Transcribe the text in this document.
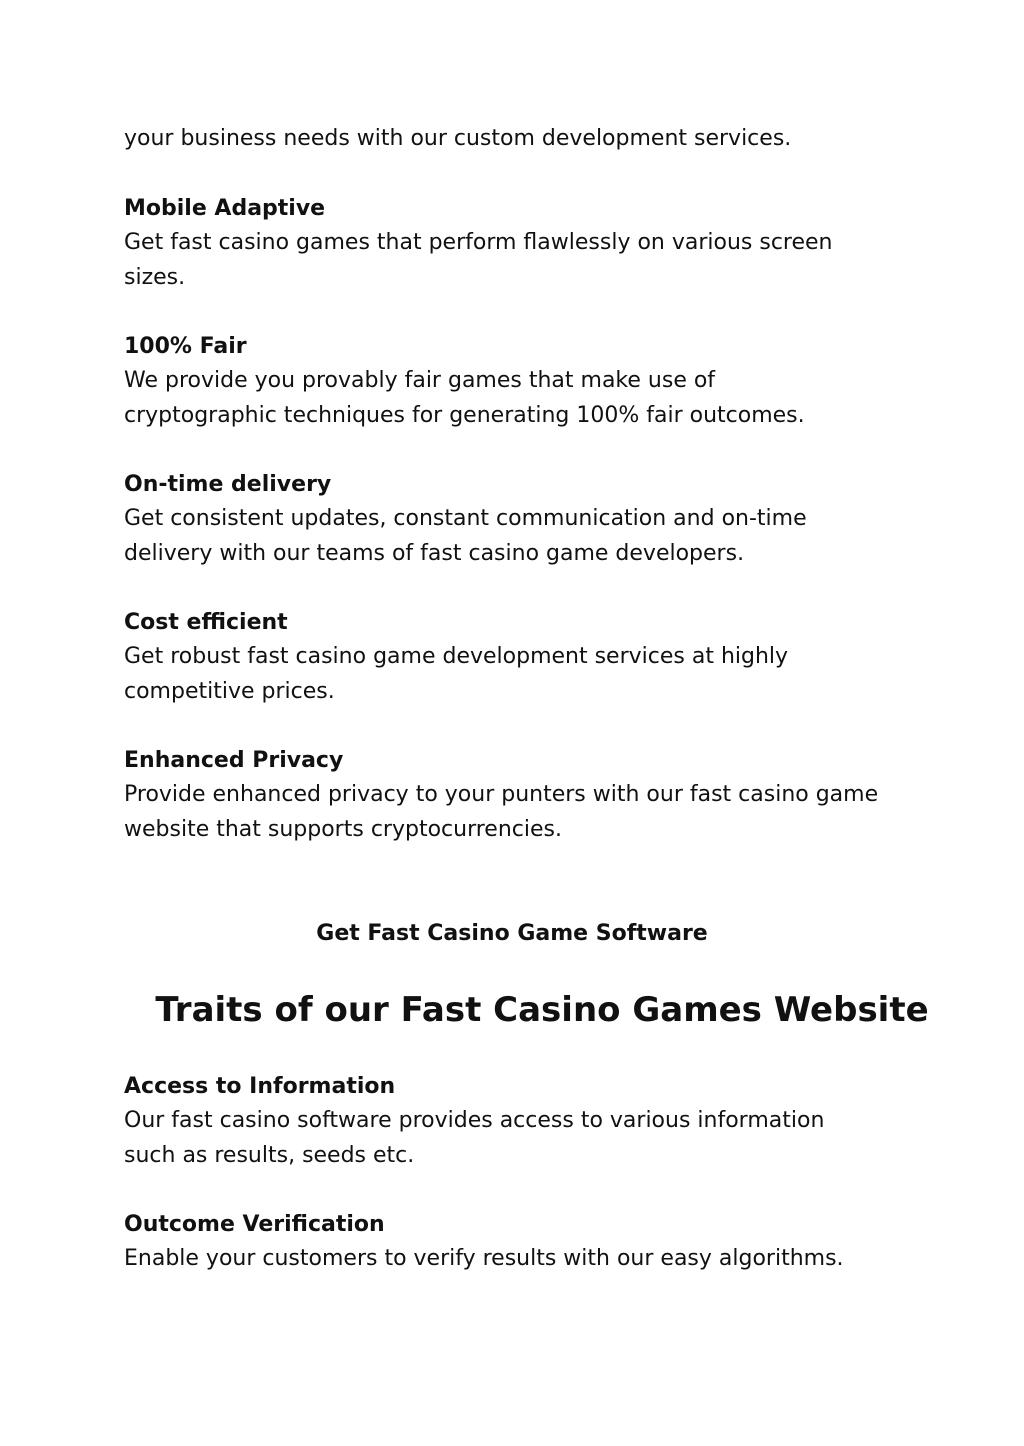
your business needs with our custom development services.
Mobile Adaptive
Get fast casino games that perform flawlessly on various screen sizes.
100% Fair
We provide you provably fair games that make use of cryptographic techniques for generating 100% fair outcomes.
On-time delivery
Get consistent updates, constant communication and on-time delivery with our teams of fast casino game developers.
Cost efficient
Get robust fast casino game development services at highly competitive prices.
Enhanced Privacy
Provide enhanced privacy to your punters with our fast casino game website that supports cryptocurrencies.
Get Fast Casino Game Software
Traits of our Fast Casino Games Website
Access to Information
Our fast casino software provides access to various information such as results, seeds etc.
Outcome Verification
Enable your customers to verify results with our easy algorithms.
